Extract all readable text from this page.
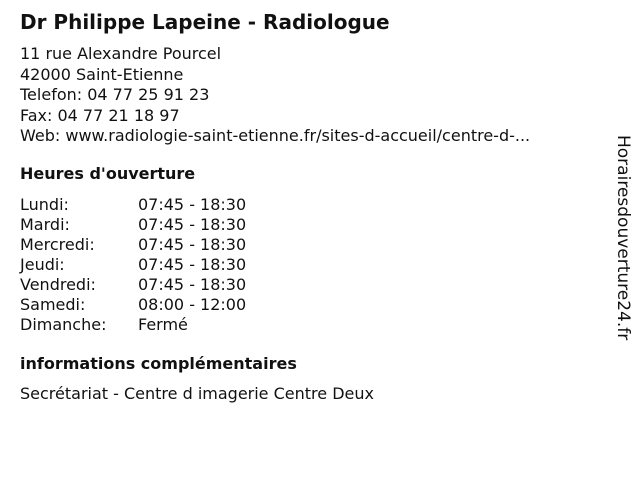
Dr Philippe Lapeine - Radiologue
11 rue Alexandre Pourcel
42000 Saint-Etienne
Telefon: 04 77 25 91 23
Fax: 04 77 21 18 97
Web: www.radiologie-saint-etienne.fr/sites-d-accueil/centre-d-...
Heures d'ouverture
Lundi:	07:45 - 18:30
Mardi:	07:45 - 18:30
Mercredi:	07:45 - 18:30
Jeudi:	07:45 - 18:30
Vendredi:	07:45 - 18:30
Samedi:	08:00 - 12:00
Dimanche: Fermé
informations complémentaires
Secrétariat - Centre d imagerie Centre Deux
Horairesdouverture24.fr
